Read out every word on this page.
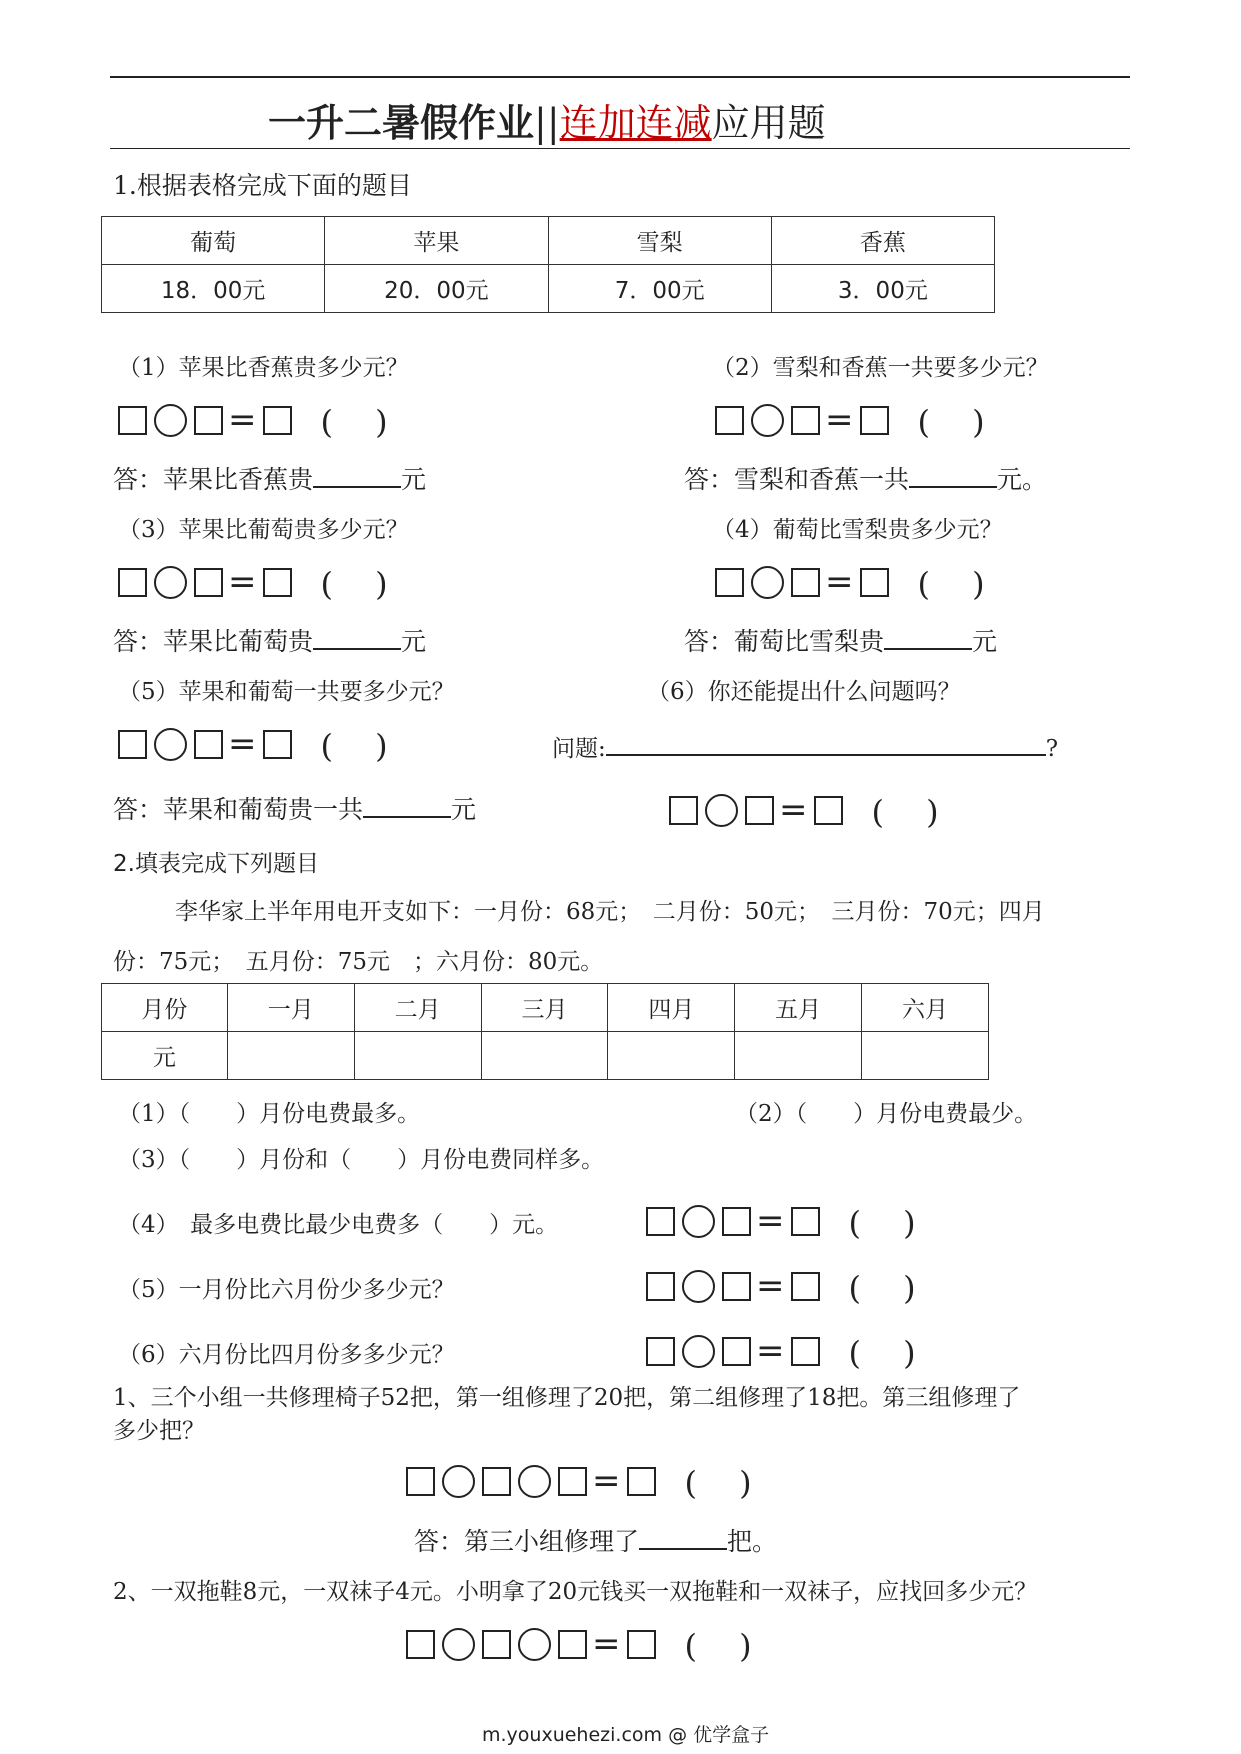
一升二暑假作业||连加连减应用题
1.根据表格完成下面的题目
葡萄	苹果	雪梨	香蕉
18．00元	20．00元	7．00元	3．00元
（1）苹果比香蕉贵多少元？
= (　 )
答：苹果比香蕉贵	元
（2）雪梨和香蕉一共要多少元？
= (　 )
答：雪梨和香蕉一共	元。
（3）苹果比葡萄贵多少元？
= (　 )
答：苹果比葡萄贵	元
（4）葡萄比雪梨贵多少元？
= (　 )
答：葡萄比雪梨贵	元
（5）苹果和葡萄一共要多少元？
= (　 )
答：苹果和葡萄贵一共	元
（6）你还能提出什么问题吗？
问题:	?
= (　 )
2.填表完成下列题目
李华家上半年用电开支如下：一月份：68元；　二月份：50元；　三月份：70元；四月
份：75元；　五月份：75元　；六月份：80元。
月份	一月	二月	三月	四月	五月	六月
元						
（1）（　　）月份电费最多。	（2）（　　）月份电费最少。
（3）（　　）月份和（　　）月份电费同样多。
（4）　最多电费比最少电费多（　　）元。	= (　 )
（5）一月份比六月份少多少元？	= (　 )
（6）六月份比四月份多多少元？	= (　 )
1、三个小组一共修理椅子52把，第一组修理了20把，第二组修理了18把。第三组修理了
多少把？
= (　 )
答：第三小组修理了	把。
2、一双拖鞋8元，一双袜子4元。小明拿了20元钱买一双拖鞋和一双袜子，应找回多少元？
= (　 )
m.youxuehezi.com @ 优学盒子
